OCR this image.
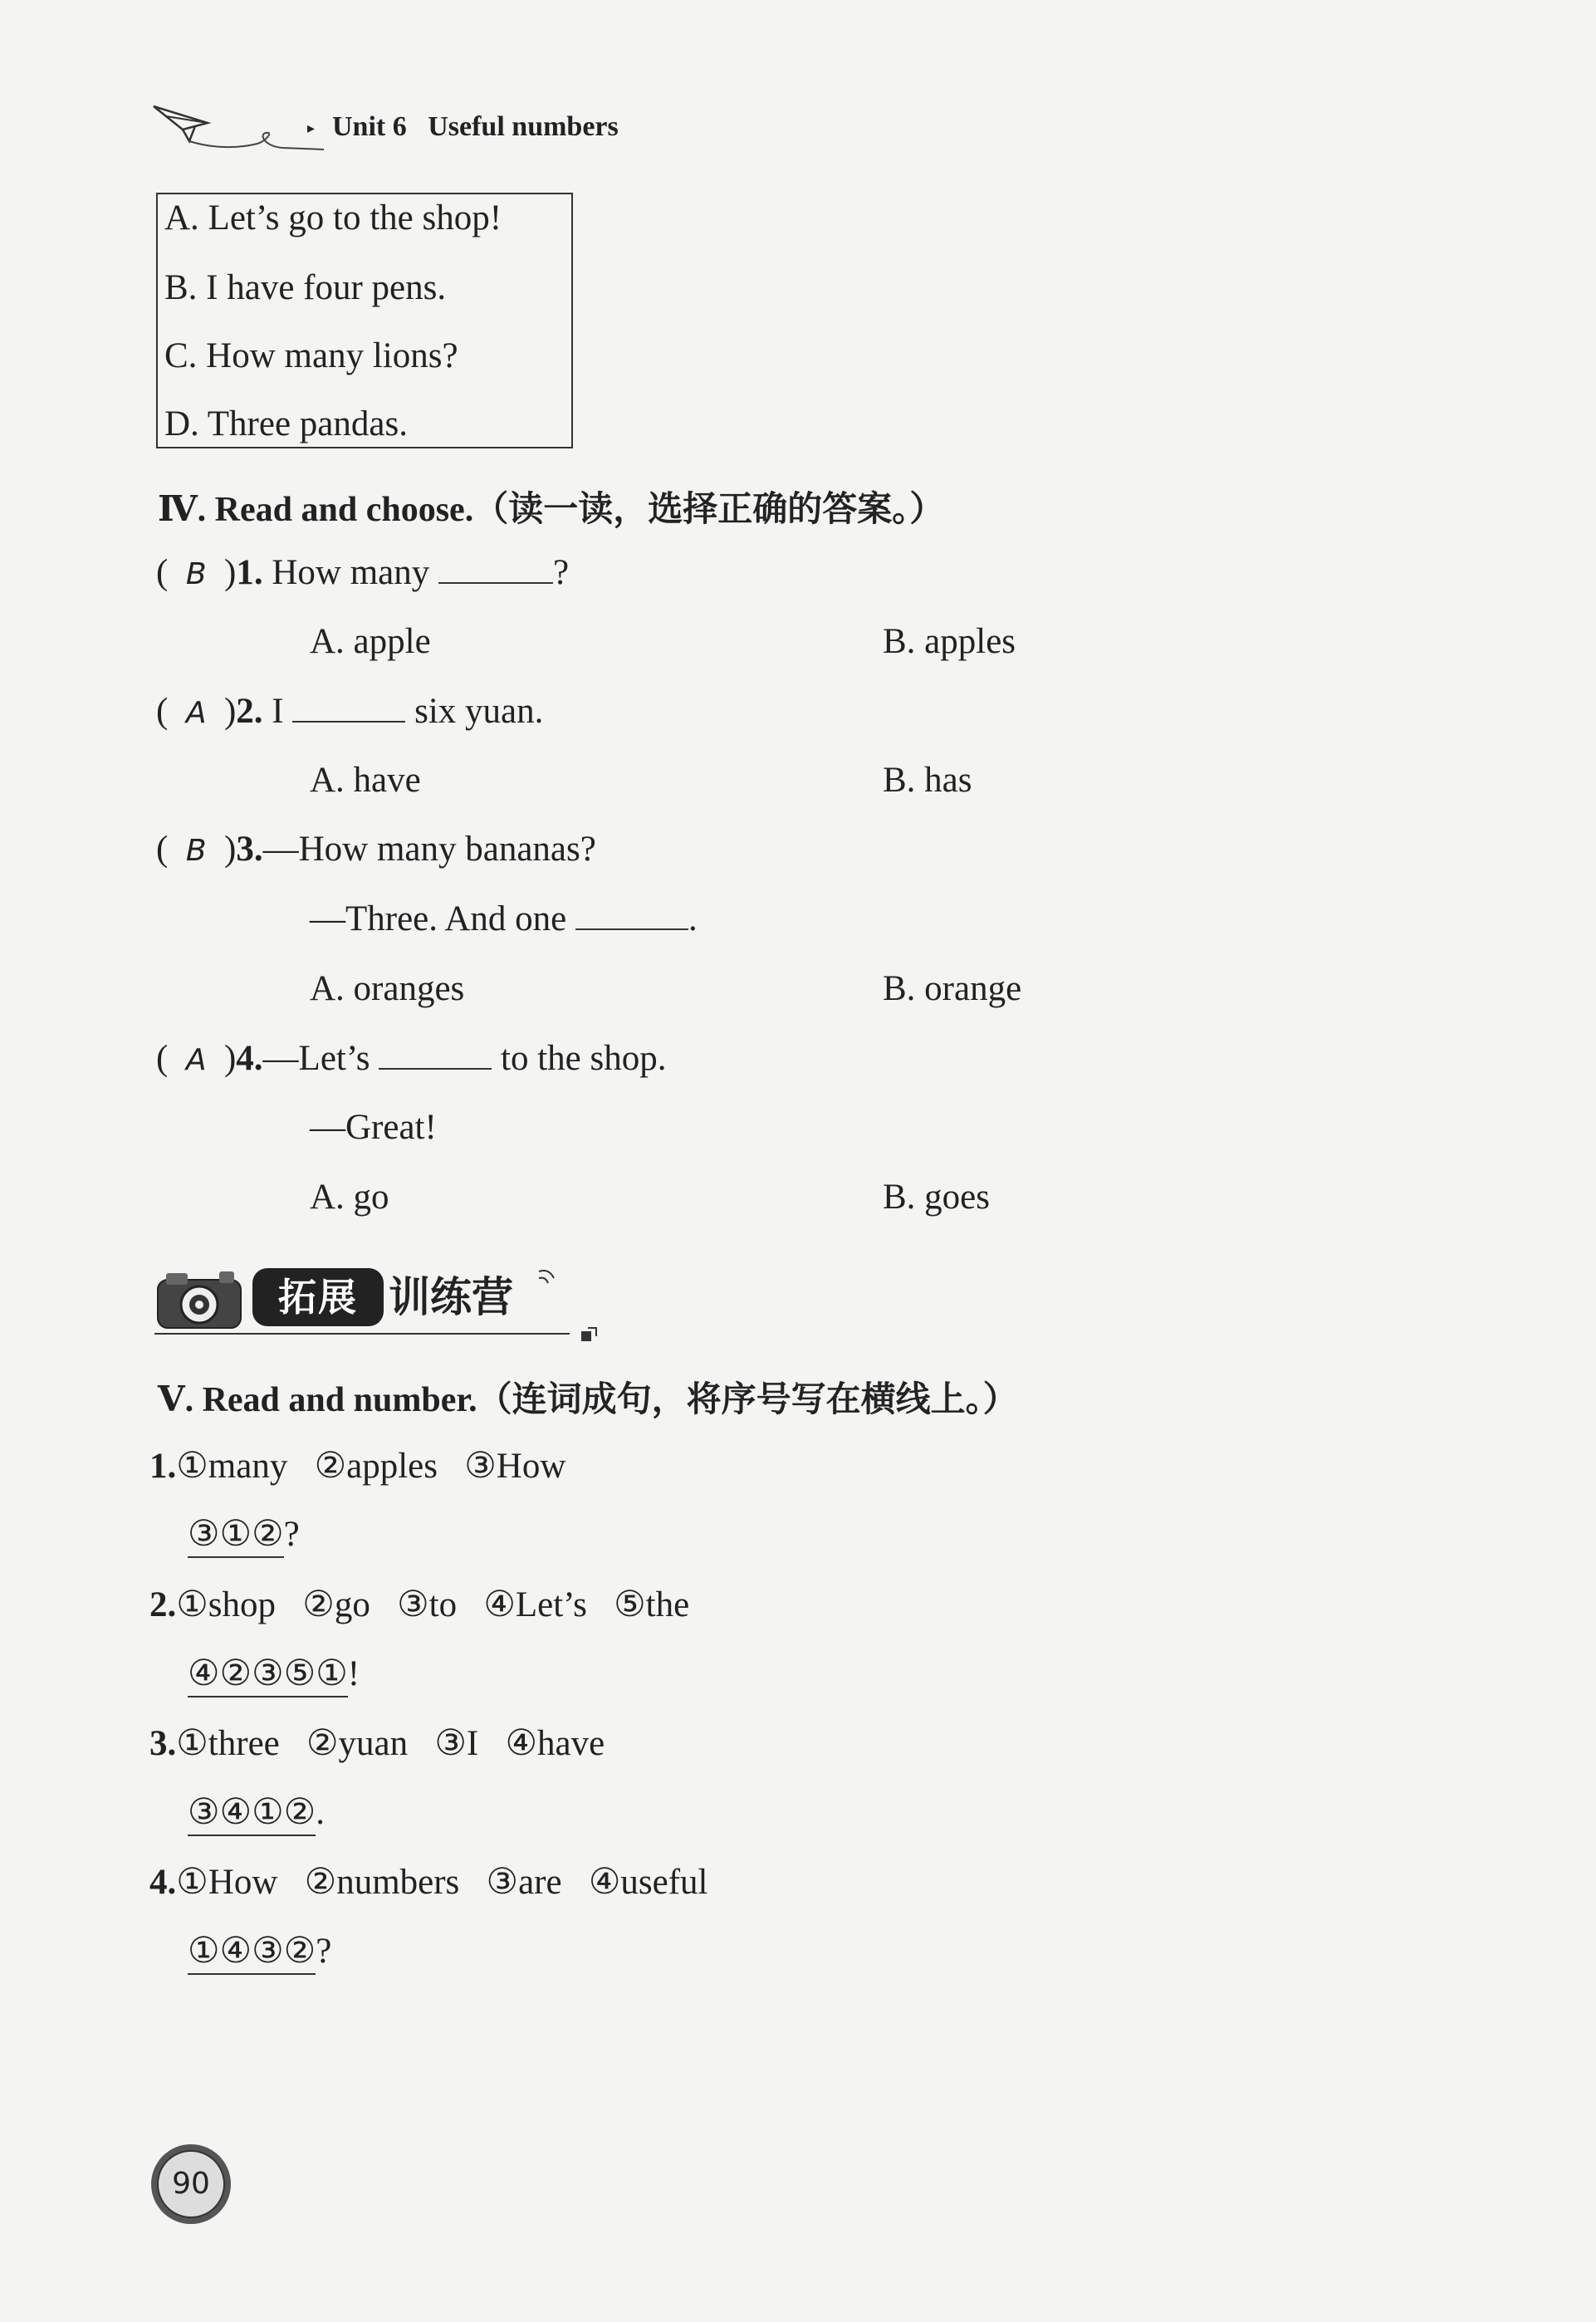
▸ Unit 6 Useful numbers
A. Let’s go to the shop!
B. I have four pens.
C. How many lions?
D. Three pandas.
Ⅳ. Read and choose.（读一读，选择正确的答案。）
( B )1. How many	?
A. apple	B. apples
( A )2. I	six yuan.
A. have	B. has
( B )3.—How many bananas?
—Three. And one	.
A. oranges	B. orange
( A )4.—Let’s	to the shop.
—Great!
A. go	B. goes
拓展 训练营
Ⅴ. Read and number.（连词成句，将序号写在横线上。）
1.①many   ②apples   ③How
③①②?
2.①shop   ②go   ③to   ④Let’s   ⑤the
④②③⑤①!
3.①three   ②yuan   ③I   ④have
③④①②.
4.①How   ②numbers   ③are   ④useful
①④③②?
90
